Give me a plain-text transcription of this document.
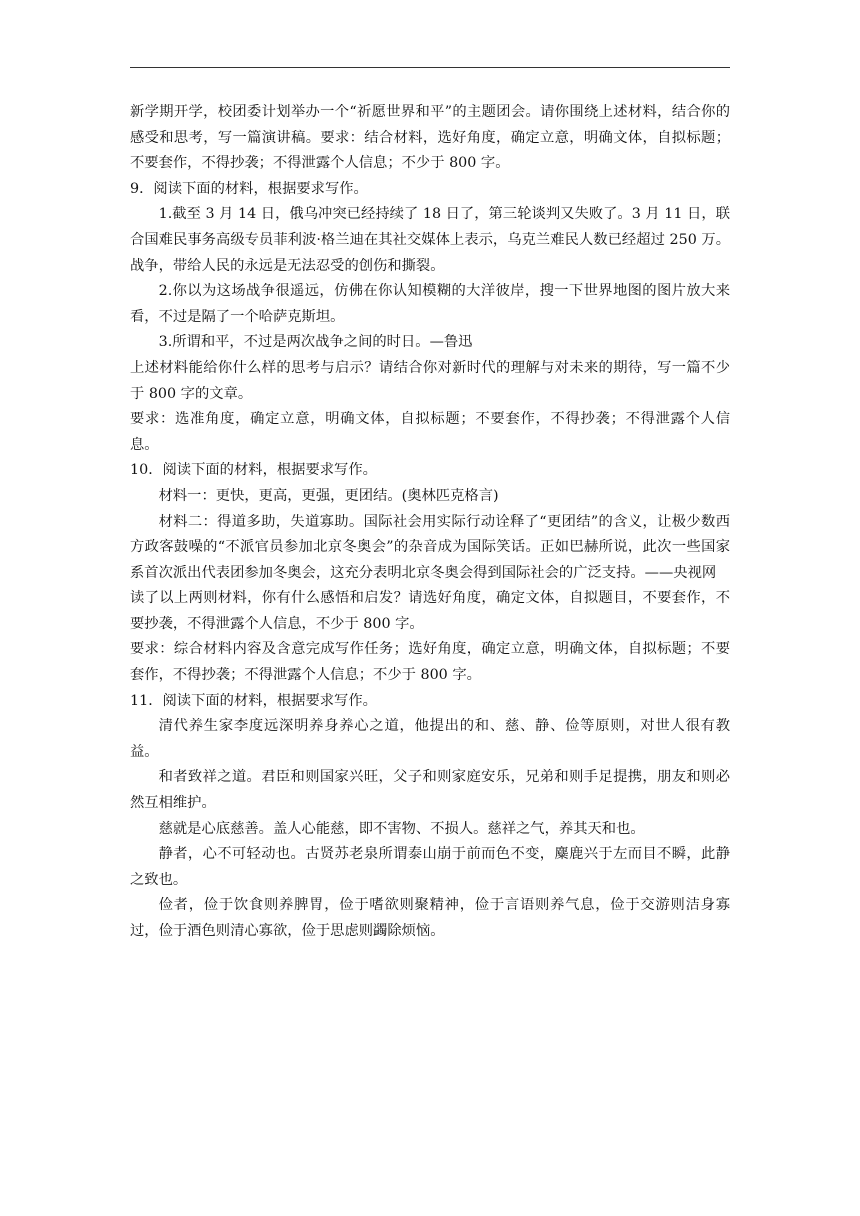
新学期开学，校团委计划举办一个“祈愿世界和平”的主题团会。请你围绕上述材料，结合你的感受和思考，写一篇演讲稿。要求：结合材料，选好角度，确定立意，明确文体，自拟标题；不要套作，不得抄袭；不得泄露个人信息；不少于 800 字。

9．阅读下面的材料，根据要求写作。

1.截至 3 月 14 日，俄乌冲突已经持续了 18 日了，第三轮谈判又失败了。3 月 11 日，联合国难民事务高级专员菲利波·格兰迪在其社交媒体上表示，乌克兰难民人数已经超过 250 万。战争，带给人民的永远是无法忍受的创伤和撕裂。

2.你以为这场战争很遥远，仿佛在你认知模糊的大洋彼岸，搜一下世界地图的图片放大来看，不过是隔了一个哈萨克斯坦。

3.所谓和平，不过是两次战争之间的时日。—鲁迅

上述材料能给你什么样的思考与启示？请结合你对新时代的理解与对未来的期待，写一篇不少于 800 字的文章。

要求：选准角度，确定立意，明确文体，自拟标题；不要套作，不得抄袭；不得泄露个人信息。

10．阅读下面的材料，根据要求写作。

材料一：更快，更高，更强，更团结。(奥林匹克格言)

材料二：得道多助，失道寡助。国际社会用实际行动诠释了“更团结”的含义，让极少数西方政客鼓噪的“不派官员参加北京冬奥会”的杂音成为国际笑话。正如巴赫所说，此次一些国家系首次派出代表团参加冬奥会，这充分表明北京冬奥会得到国际社会的广泛支持。——央视网

读了以上两则材料，你有什么感悟和启发？请选好角度，确定文体，自拟题目，不要套作，不要抄袭，不得泄露个人信息，不少于 800 字。

要求：综合材料内容及含意完成写作任务；选好角度，确定立意，明确文体，自拟标题；不要套作，不得抄袭；不得泄露个人信息；不少于 800 字。

11．阅读下面的材料，根据要求写作。

清代养生家李度远深明养身养心之道，他提出的和、慈、静、俭等原则，对世人很有教益。

和者致祥之道。君臣和则国家兴旺，父子和则家庭安乐，兄弟和则手足提携，朋友和则必然互相维护。

慈就是心底慈善。盖人心能慈，即不害物、不损人。慈祥之气，养其天和也。

静者，心不可轻动也。古贤苏老泉所谓泰山崩于前而色不变，麋鹿兴于左而目不瞬，此静之致也。

俭者，俭于饮食则养脾胃，俭于嗜欲则聚精神，俭于言语则养气息，俭于交游则洁身寡过，俭于酒色则清心寡欲，俭于思虑则蠲除烦恼。
